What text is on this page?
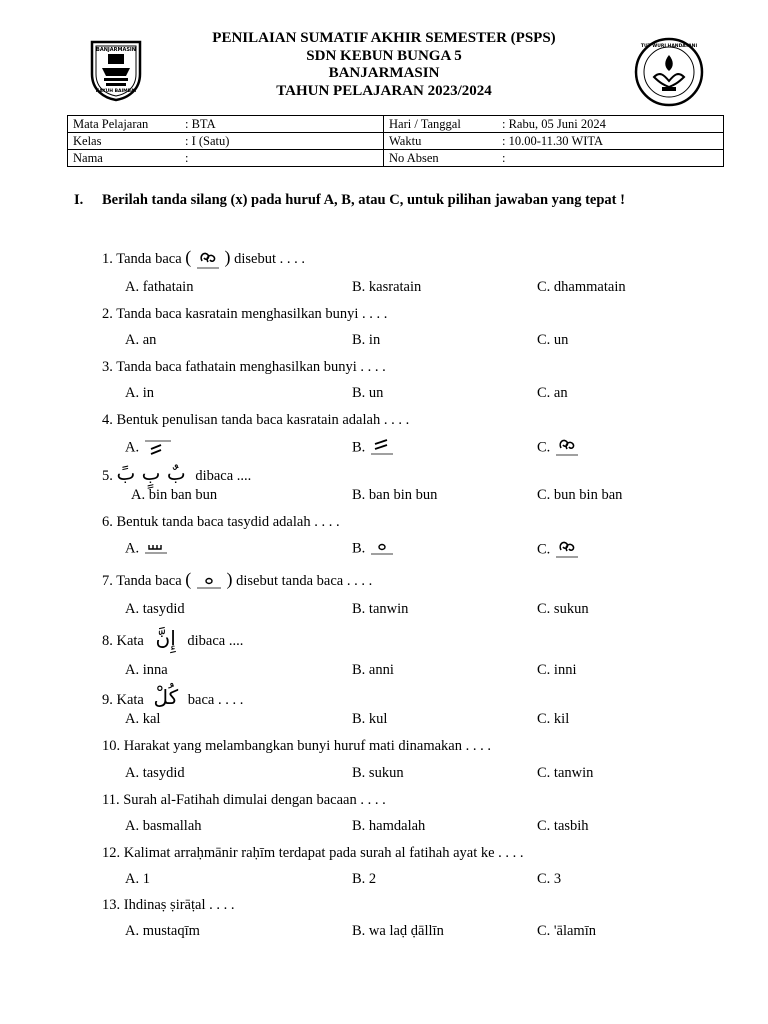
BANJARMASIN
KAYUH BAIMBAI
TUT WURI HANDAYANI
PENILAIAN SUMATIF AKHIR SEMESTER (PSPS)
SDN KEBUN BUNGA 5
BANJARMASIN
TAHUN PELAJARAN 2023/2024
Mata Pelajaran : BTA	Hari / Tanggal : Rabu, 05 Juni 2024
Kelas : I (Satu)	Waktu : 10.00-11.30 WITA
Nama :	No Absen :
I. Berilah tanda silang (x) pada huruf A, B, atau C, untuk pilihan jawaban yang tepat !
1. Tanda baca ( ) disebut . . . .
A. fathatain	B. kasratain	C. dhammatain
2. Tanda baca kasratain menghasilkan bunyi . . . .
A. an	B. in	C. un
3. Tanda baca fathatain menghasilkan bunyi . . . .
A. in	B. un	C. an
4. Bentuk penulisan tanda baca kasratain adalah . . . .
A.	B.	C.
5. بٌ بٍ بً dibaca ....
A. bin ban bun	B. ban bin bun	C. bun bin ban
6. Bentuk tanda baca tasydid adalah . . . .
A.	B.	C.
7. Tanda baca ( ) disebut tanda baca . . . .
A. tasydid	B. tanwin	C. sukun
8. Kata إِنَّ dibaca ....
A. inna	B. anni	C. inni
9. Kata كُلْ baca . . . .
A. kal	B. kul	C. kil
10. Harakat yang melambangkan bunyi huruf mati dinamakan . . . .
A. tasydid	B. sukun	C. tanwin
11. Surah al-Fatihah dimulai dengan bacaan . . . .
A. basmallah	B. hamdalah	C. tasbih
12. Kalimat arraḥmānir raḥīm terdapat pada surah al fatihah ayat ke . . . .
A. 1	B. 2	C. 3
13. Ihdinaṣ ṣirāṭal . . . .
A. mustaqīm	B. wa laḍ ḍāllīn	C. 'ālamīn
